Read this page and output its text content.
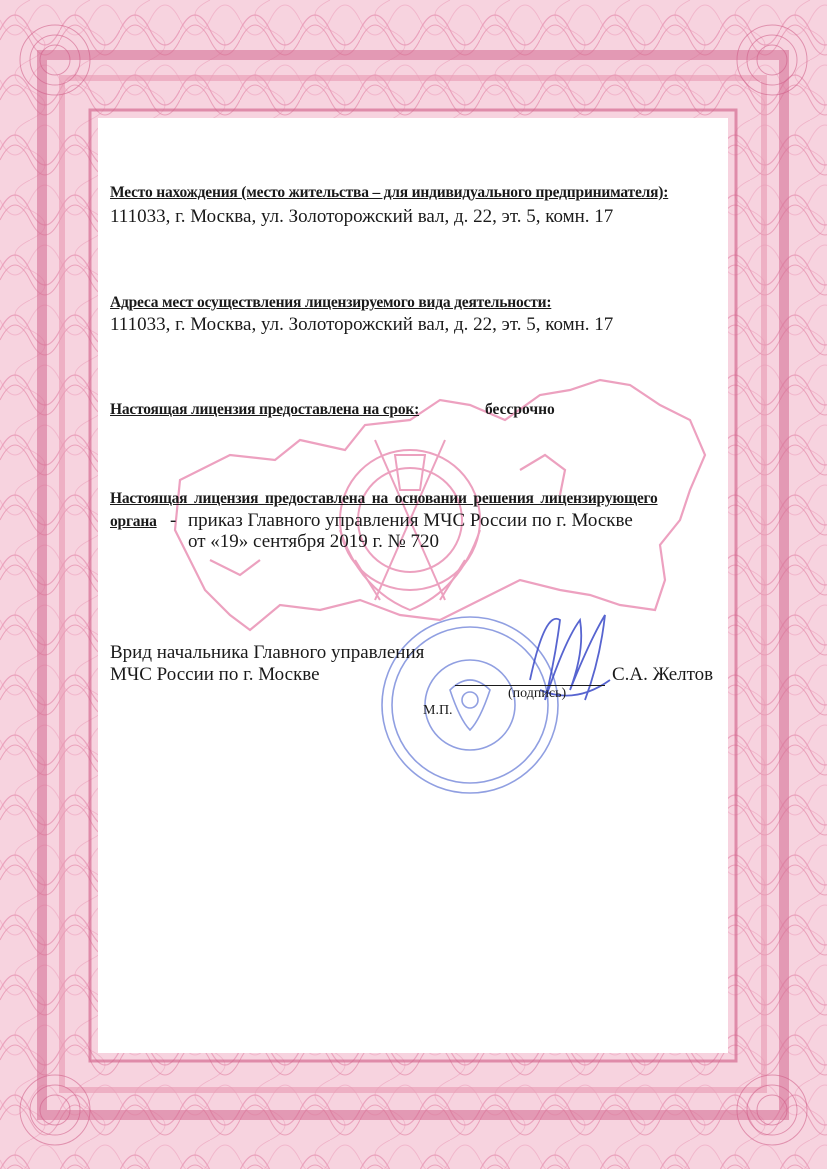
Место нахождения (место жительства – для индивидуального предпринимателя):
111033, г. Москва, ул. Золоторожский вал, д. 22, эт. 5, комн. 17
Адреса мест осуществления лицензируемого вида деятельности:
111033, г. Москва, ул. Золоторожский вал, д. 22, эт. 5, комн. 17
Настоящая лицензия предоставлена на срок:	бессрочно
Настоящая лицензия предоставлена на основании решения лицензирующего
органа - приказ Главного управления МЧС России по г. Москве
от «19» сентября 2019 г. № 720
Врид начальника Главного управления
МЧС России по г. Москве
(подпись)
С.А. Желтов
М.П.
